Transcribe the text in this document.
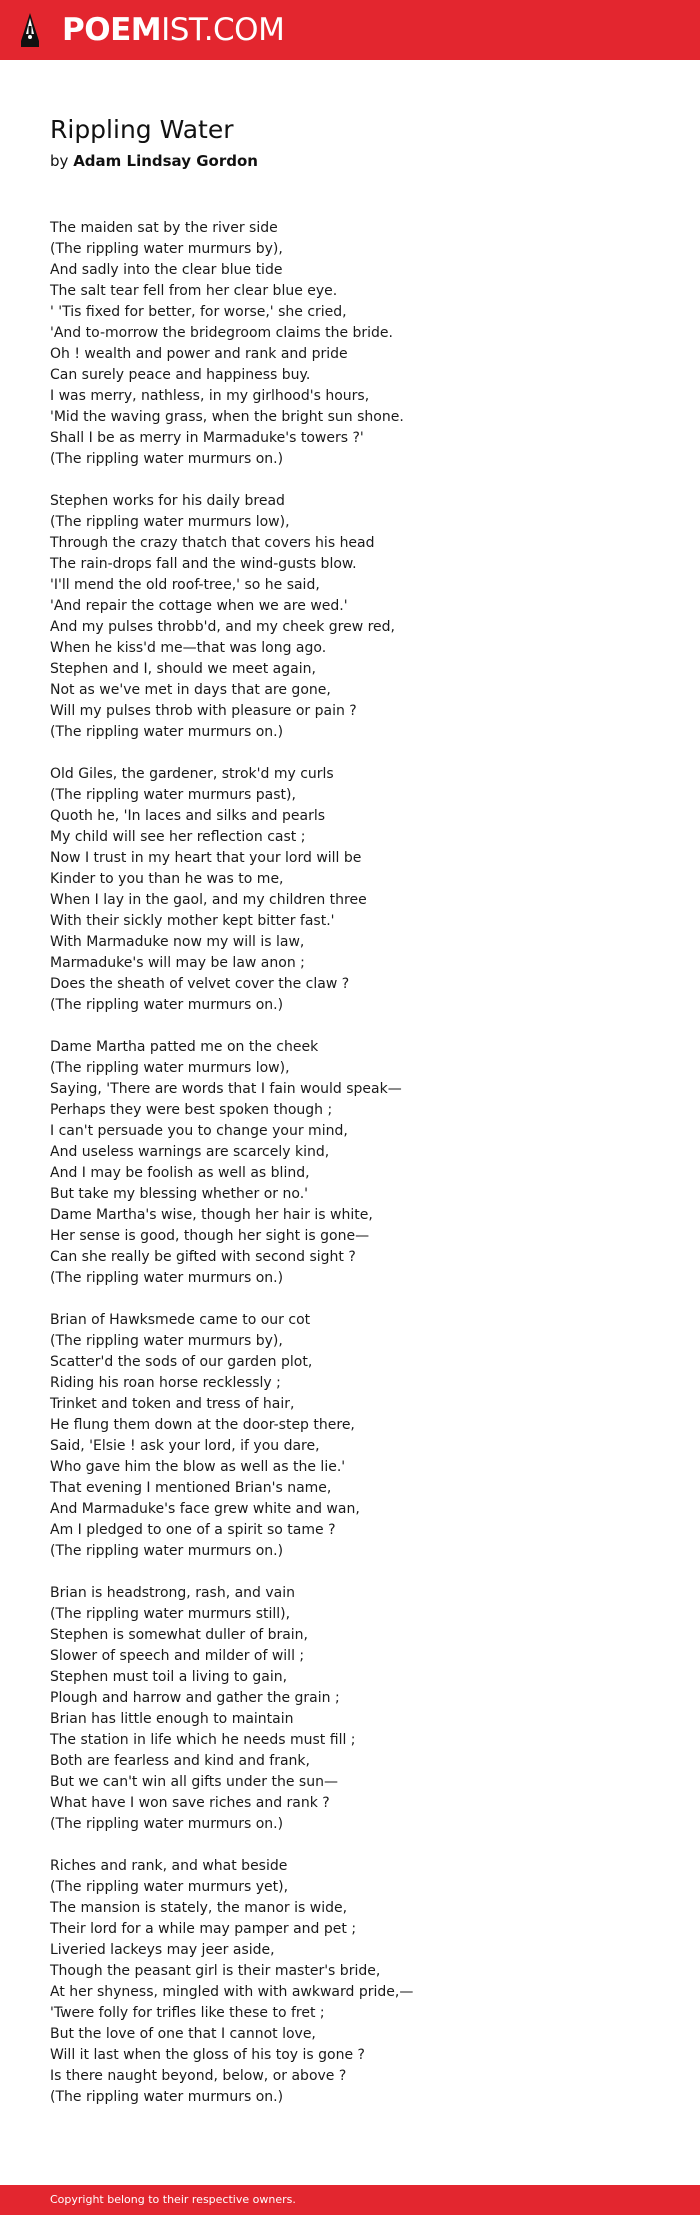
POEMIST.COM
Rippling Water
by Adam Lindsay Gordon
The maiden sat by the river side
(The rippling water murmurs by),
And sadly into the clear blue tide
The salt tear fell from her clear blue eye.
' 'Tis fixed for better, for worse,' she cried,
'And to-morrow the bridegroom claims the bride.
Oh ! wealth and power and rank and pride
Can surely peace and happiness buy.
I was merry, nathless, in my girlhood's hours,
'Mid the waving grass, when the bright sun shone.
Shall I be as merry in Marmaduke's towers ?'
(The rippling water murmurs on.)
Stephen works for his daily bread
(The rippling water murmurs low),
Through the crazy thatch that covers his head
The rain-drops fall and the wind-gusts blow.
'I'll mend the old roof-tree,' so he said,
'And repair the cottage when we are wed.'
And my pulses throbb'd, and my cheek grew red,
When he kiss'd me—that was long ago.
Stephen and I, should we meet again,
Not as we've met in days that are gone,
Will my pulses throb with pleasure or pain ?
(The rippling water murmurs on.)
Old Giles, the gardener, strok'd my curls
(The rippling water murmurs past),
Quoth he, 'In laces and silks and pearls
My child will see her reflection cast ;
Now I trust in my heart that your lord will be
Kinder to you than he was to me,
When I lay in the gaol, and my children three
With their sickly mother kept bitter fast.'
With Marmaduke now my will is law,
Marmaduke's will may be law anon ;
Does the sheath of velvet cover the claw ?
(The rippling water murmurs on.)
Dame Martha patted me on the cheek
(The rippling water murmurs low),
Saying, 'There are words that I fain would speak—
Perhaps they were best spoken though ;
I can't persuade you to change your mind,
And useless warnings are scarcely kind,
And I may be foolish as well as blind,
But take my blessing whether or no.'
Dame Martha's wise, though her hair is white,
Her sense is good, though her sight is gone—
Can she really be gifted with second sight ?
(The rippling water murmurs on.)
Brian of Hawksmede came to our cot
(The rippling water murmurs by),
Scatter'd the sods of our garden plot,
Riding his roan horse recklessly ;
Trinket and token and tress of hair,
He flung them down at the door-step there,
Said, 'Elsie ! ask your lord, if you dare,
Who gave him the blow as well as the lie.'
That evening I mentioned Brian's name,
And Marmaduke's face grew white and wan,
Am I pledged to one of a spirit so tame ?
(The rippling water murmurs on.)
Brian is headstrong, rash, and vain
(The rippling water murmurs still),
Stephen is somewhat duller of brain,
Slower of speech and milder of will ;
Stephen must toil a living to gain,
Plough and harrow and gather the grain ;
Brian has little enough to maintain
The station in life which he needs must fill ;
Both are fearless and kind and frank,
But we can't win all gifts under the sun—
What have I won save riches and rank ?
(The rippling water murmurs on.)
Riches and rank, and what beside
(The rippling water murmurs yet),
The mansion is stately, the manor is wide,
Their lord for a while may pamper and pet ;
Liveried lackeys may jeer aside,
Though the peasant girl is their master's bride,
At her shyness, mingled with with awkward pride,—
'Twere folly for trifles like these to fret ;
But the love of one that I cannot love,
Will it last when the gloss of his toy is gone ?
Is there naught beyond, below, or above ?
(The rippling water murmurs on.)
Copyright belong to their respective owners.
